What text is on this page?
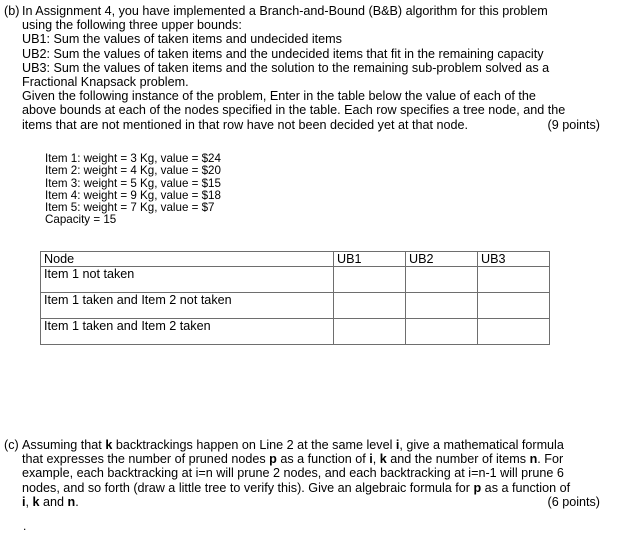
(b) In Assignment 4, you have implemented a Branch-and-Bound (B&B) algorithm for this problem
using the following three upper bounds:
UB1: Sum the values of taken items and undecided items
UB2: Sum the values of taken items and the undecided items that fit in the remaining capacity
UB3: Sum the values of taken items and the solution to the remaining sub-problem solved as a
Fractional Knapsack problem.
Given the following instance of the problem, Enter in the table below the value of each of the
above bounds at each of the nodes specified in the table. Each row specifies a tree node, and the
items that are not mentioned in that row have not been decided yet at that node.	(9 points)
Item 1: weight = 3 Kg, value = $24
Item 2: weight = 4 Kg, value = $20
Item 3: weight = 5 Kg, value = $15
Item 4: weight = 9 Kg, value = $18
Item 5: weight = 7 Kg, value = $7
Capacity = 15
Node	UB1	UB2	UB3
Item 1 not taken			
Item 1 taken and Item 2 not taken			
Item 1 taken and Item 2 taken			
(c) Assuming that k backtrackings happen on Line 2 at the same level i, give a mathematical formula
that expresses the number of pruned nodes p as a function of i, k and the number of items n. For
example, each backtracking at i=n will prune 2 nodes, and each backtracking at i=n-1 will prune 6
nodes, and so forth (draw a little tree to verify this). Give an algebraic formula for p as a function of
i, k and n.	(6 points)
.
